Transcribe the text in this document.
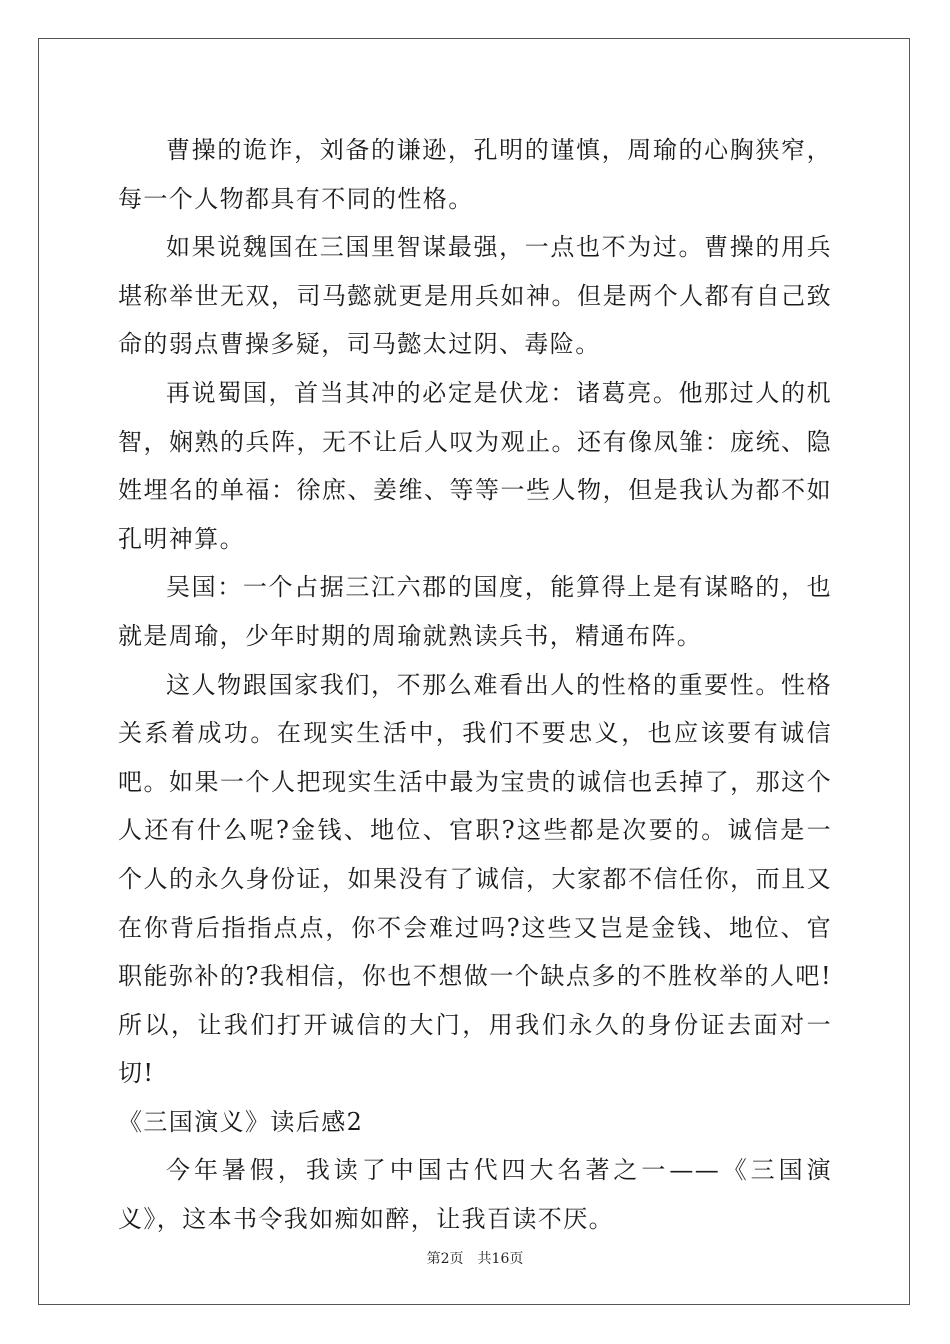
曹操的诡诈，刘备的谦逊，孔明的谨慎，周瑜的心胸狭窄，每一个人物都具有不同的性格。

如果说魏国在三国里智谋最强，一点也不为过。曹操的用兵堪称举世无双，司马懿就更是用兵如神。但是两个人都有自己致命的弱点曹操多疑，司马懿太过阴、毒险。

再说蜀国，首当其冲的必定是伏龙：诸葛亮。他那过人的机智，娴熟的兵阵，无不让后人叹为观止。还有像凤雏：庞统、隐姓埋名的单福：徐庶、姜维、等等一些人物，但是我认为都不如孔明神算。

吴国：一个占据三江六郡的国度，能算得上是有谋略的，也就是周瑜，少年时期的周瑜就熟读兵书，精通布阵。

这人物跟国家我们，不那么难看出人的性格的重要性。性格关系着成功。在现实生活中，我们不要忠义，也应该要有诚信吧。如果一个人把现实生活中最为宝贵的诚信也丢掉了，那这个人还有什么呢?金钱、地位、官职?这些都是次要的。诚信是一个人的永久身份证，如果没有了诚信，大家都不信任你，而且又在你背后指指点点，你不会难过吗?这些又岂是金钱、地位、官职能弥补的?我相信，你也不想做一个缺点多的不胜枚举的人吧!所以，让我们打开诚信的大门，用我们永久的身份证去面对一切!

《三国演义》读后感2

今年暑假，我读了中国古代四大名著之一——《三国演义》，这本书令我如痴如醉，让我百读不厌。

第2页 共16页
